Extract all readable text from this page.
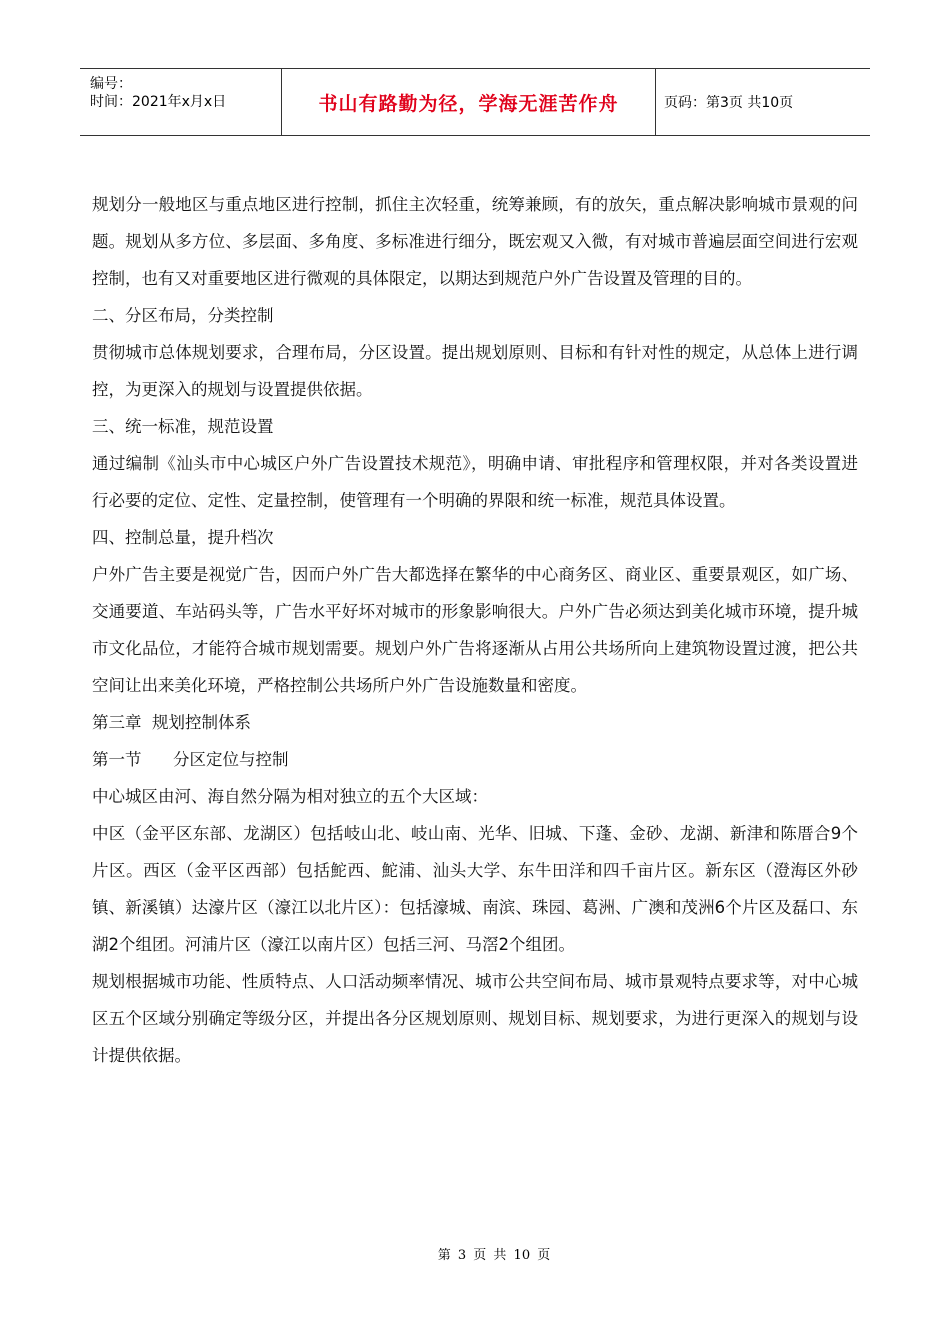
编号：
时间：2021年x月x日	书山有路勤为径，学海无涯苦作舟	页码：第3页 共10页

规划分一般地区与重点地区进行控制，抓住主次轻重，统筹兼顾，有的放矢，重点解决影响城市景观的问题。规划从多方位、多层面、多角度、多标准进行细分，既宏观又入微，有对城市普遍层面空间进行宏观控制，也有又对重要地区进行微观的具体限定，以期达到规范户外广告设置及管理的目的。

二、分区布局，分类控制

贯彻城市总体规划要求，合理布局，分区设置。提出规划原则、目标和有针对性的规定，从总体上进行调控，为更深入的规划与设置提供依据。

三、统一标准，规范设置

通过编制《汕头市中心城区户外广告设置技术规范》，明确申请、审批程序和管理权限，并对各类设置进行必要的定位、定性、定量控制，使管理有一个明确的界限和统一标准，规范具体设置。

四、控制总量，提升档次

户外广告主要是视觉广告，因而户外广告大都选择在繁华的中心商务区、商业区、重要景观区，如广场、交通要道、车站码头等，广告水平好坏对城市的形象影响很大。户外广告必须达到美化城市环境，提升城市文化品位，才能符合城市规划需要。规划户外广告将逐渐从占用公共场所向上建筑物设置过渡，把公共空间让出来美化环境，严格控制公共场所户外广告设施数量和密度。

第三章  规划控制体系

第一节      分区定位与控制

中心城区由河、海自然分隔为相对独立的五个大区域：

中区（金平区东部、龙湖区）包括岐山北、岐山南、光华、旧城、下蓬、金砂、龙湖、新津和陈厝合9个片区。西区（金平区西部）包括鮀西、鮀浦、汕头大学、东牛田洋和四千亩片区。新东区（澄海区外砂镇、新溪镇）达濠片区（濠江以北片区）：包括濠城、南滨、珠园、葛洲、广澳和茂洲6个片区及磊口、东湖2个组团。河浦片区（濠江以南片区）包括三河、马滘2个组团。

规划根据城市功能、性质特点、人口活动频率情况、城市公共空间布局、城市景观特点要求等，对中心城区五个区域分别确定等级分区，并提出各分区规划原则、规划目标、规划要求，为进行更深入的规划与设计提供依据。

第 3 页 共 10 页
